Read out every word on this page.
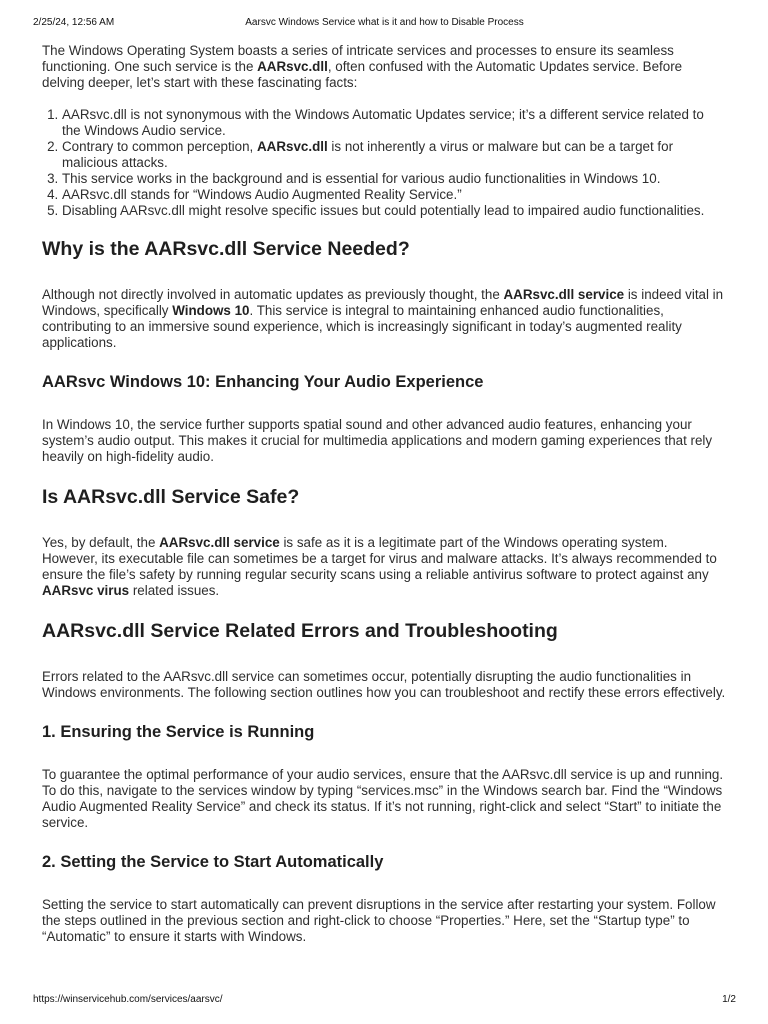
2/25/24, 12:56 AM	Aarsvc Windows Service what is it and how to Disable Process

The Windows Operating System boasts a series of intricate services and processes to ensure its seamless functioning. One such service is the AARsvc.dll, often confused with the Automatic Updates service. Before delving deeper, let’s start with these fascinating facts:

1. AARsvc.dll is not synonymous with the Windows Automatic Updates service; it’s a different service related to the Windows Audio service.
2. Contrary to common perception, AARsvc.dll is not inherently a virus or malware but can be a target for malicious attacks.
3. This service works in the background and is essential for various audio functionalities in Windows 10.
4. AARsvc.dll stands for “Windows Audio Augmented Reality Service.”
5. Disabling AARsvc.dll might resolve specific issues but could potentially lead to impaired audio functionalities.
Why is the AARsvc.dll Service Needed?

Although not directly involved in automatic updates as previously thought, the AARsvc.dll service is indeed vital in Windows, specifically Windows 10. This service is integral to maintaining enhanced audio functionalities, contributing to an immersive sound experience, which is increasingly significant in today’s augmented reality applications.

AARsvc Windows 10: Enhancing Your Audio Experience

In Windows 10, the service further supports spatial sound and other advanced audio features, enhancing your system’s audio output. This makes it crucial for multimedia applications and modern gaming experiences that rely heavily on high-fidelity audio.

Is AARsvc.dll Service Safe?

Yes, by default, the AARsvc.dll service is safe as it is a legitimate part of the Windows operating system. However, its executable file can sometimes be a target for virus and malware attacks. It’s always recommended to ensure the file’s safety by running regular security scans using a reliable antivirus software to protect against any AARsvc virus related issues.

AARsvc.dll Service Related Errors and Troubleshooting

Errors related to the AARsvc.dll service can sometimes occur, potentially disrupting the audio functionalities in Windows environments. The following section outlines how you can troubleshoot and rectify these errors effectively.

1. Ensuring the Service is Running

To guarantee the optimal performance of your audio services, ensure that the AARsvc.dll service is up and running. To do this, navigate to the services window by typing “services.msc” in the Windows search bar. Find the “Windows Audio Augmented Reality Service” and check its status. If it’s not running, right-click and select “Start” to initiate the service.

2. Setting the Service to Start Automatically

Setting the service to start automatically can prevent disruptions in the service after restarting your system. Follow the steps outlined in the previous section and right-click to choose “Properties.” Here, set the “Startup type” to “Automatic” to ensure it starts with Windows.

https://winservicehub.com/services/aarsvc/	1/2
